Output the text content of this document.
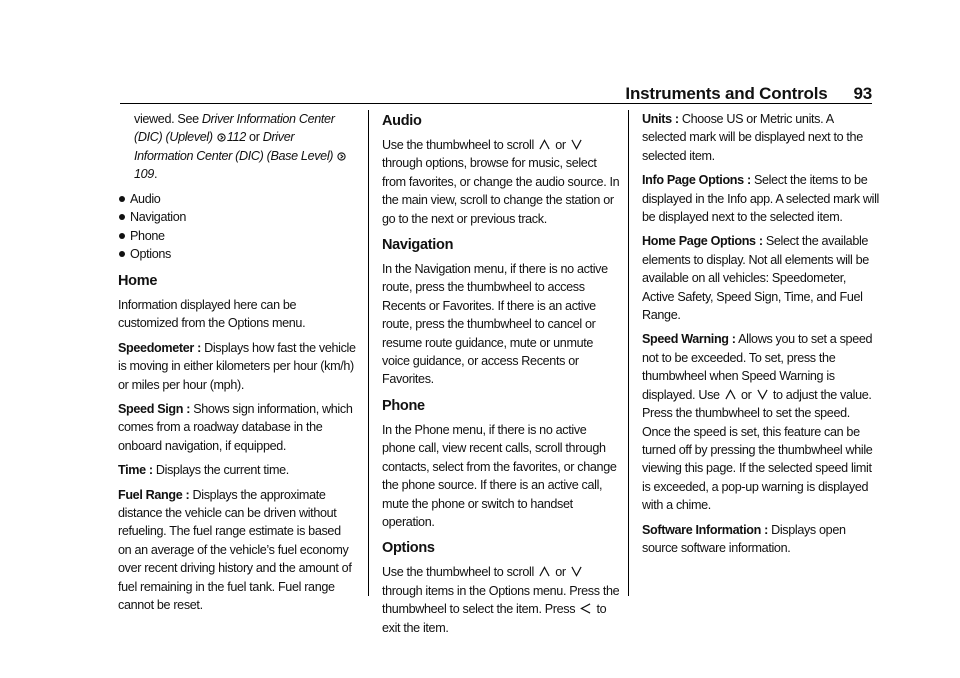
Instruments and Controls 93

viewed. See Driver Information Center (DIC) (Uplevel) 112 or Driver Information Center (DIC) (Base Level) 109.

Audio
Navigation
Phone
Options
Home

Information displayed here can be customized from the Options menu.

Speedometer : Displays how fast the vehicle is moving in either kilometers per hour (km/h) or miles per hour (mph).

Speed Sign : Shows sign information, which comes from a roadway database in the onboard navigation, if equipped.

Time : Displays the current time.

Fuel Range : Displays the approximate distance the vehicle can be driven without refueling. The fuel range estimate is based on an average of the vehicle’s fuel economy over recent driving history and the amount of fuel remaining in the fuel tank. Fuel range cannot be reset.

Audio

Use the thumbwheel to scroll or  through options, browse for music, select from favorites, or change the audio source. In the main view, scroll to change the station or go to the next or previous track.

Navigation

In the Navigation menu, if there is no active route, press the thumbwheel to access Recents or Favorites. If there is an active route, press the thumbwheel to cancel or resume route guidance, mute or unmute voice guidance, or access Recents or Favorites.

Phone

In the Phone menu, if there is no active phone call, view recent calls, scroll through contacts, select from the favorites, or change the phone source. If there is an active call, mute the phone or switch to handset operation.

Options

Use the thumbwheel to scroll or  through items in the Options menu. Press the thumbwheel to select the item. Press to exit the item.

Units : Choose US or Metric units. A selected mark will be displayed next to the selected item.

Info Page Options : Select the items to be displayed in the Info app. A selected mark will be displayed next to the selected item.

Home Page Options : Select the available elements to display. Not all elements will be available on all vehicles: Speedometer, Active Safety, Speed Sign, Time, and Fuel Range.

Speed Warning : Allows you to set a speed not to be exceeded. To set, press the thumbwheel when Speed Warning is displayed. Use or to adjust the value. Press the thumbwheel to set the speed. Once the speed is set, this feature can be turned off by pressing the thumbwheel while viewing this page. If the selected speed limit is exceeded, a pop-up warning is displayed with a chime.

Software Information : Displays open source software information.
